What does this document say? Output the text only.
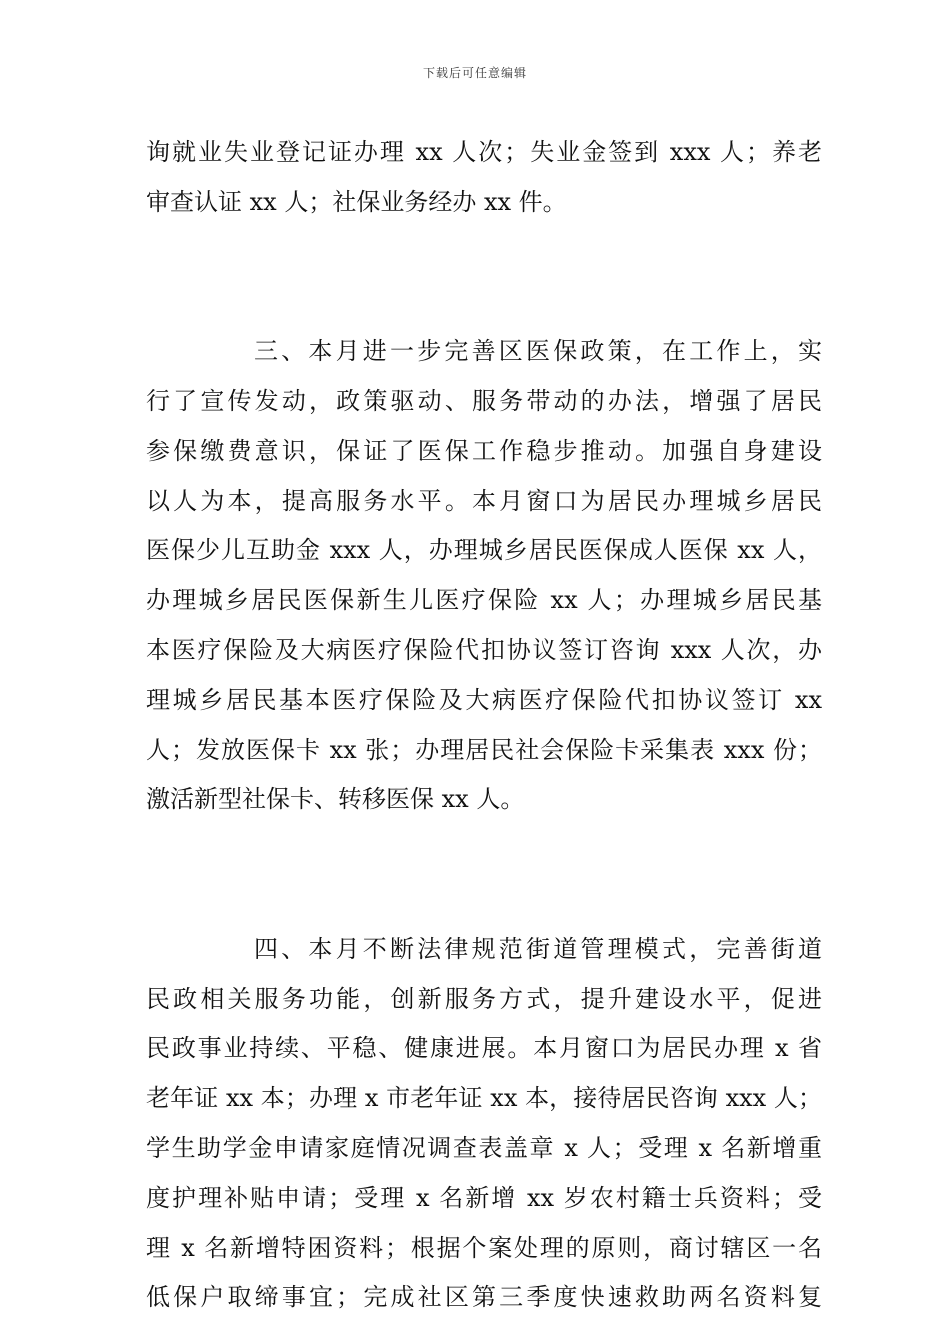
下载后可任意编辑
询就业失业登记证办理 xx 人次；失业金签到 xxx 人；养老
审查认证 xx 人；社保业务经办 xx 件。
三、本月进一步完善区医保政策，在工作上，实
行了宣传发动，政策驱动、服务带动的办法，增强了居民
参保缴费意识，保证了医保工作稳步推动。加强自身建设
以人为本，提高服务水平。本月窗口为居民办理城乡居民
医保少儿互助金 xxx 人，办理城乡居民医保成人医保 xx 人，
办理城乡居民医保新生儿医疗保险 xx 人；办理城乡居民基
本医疗保险及大病医疗保险代扣协议签订咨询 xxx 人次，办
理城乡居民基本医疗保险及大病医疗保险代扣协议签订 xx
人；发放医保卡 xx 张；办理居民社会保险卡采集表 xxx 份；
激活新型社保卡、转移医保 xx 人。
四、本月不断法律规范街道管理模式，完善街道
民政相关服务功能，创新服务方式，提升建设水平，促进
民政事业持续、平稳、健康进展。本月窗口为居民办理 x 省
老年证 xx 本；办理 x 市老年证 xx 本，接待居民咨询 xxx 人；
学生助学金申请家庭情况调查表盖章 x 人；受理 x 名新增重
度护理补贴申请；受理 x 名新增 xx 岁农村籍士兵资料；受
理 x 名新增特困资料；根据个案处理的原则，商讨辖区一名
低保户取缔事宜；完成社区第三季度快速救助两名资料复
